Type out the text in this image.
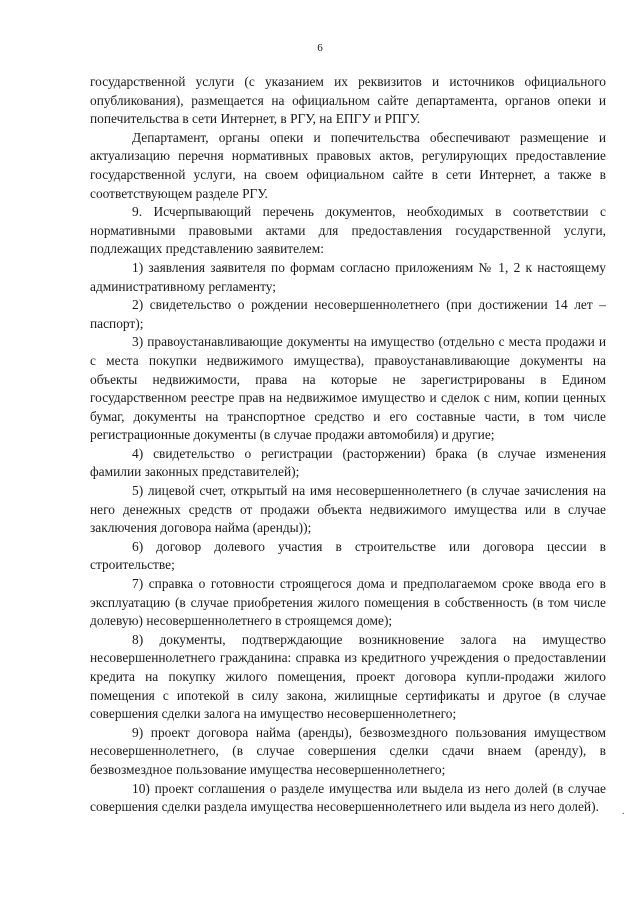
6

государственной услуги (с указанием их реквизитов и источников официального опубликования), размещается на официальном сайте департамента, органов опеки и попечительства в сети Интернет, в РГУ, на ЕПГУ и РПГУ.

Департамент, органы опеки и попечительства обеспечивают размещение и актуализацию перечня нормативных правовых актов, регулирующих предоставление государственной услуги, на своем официальном сайте в сети Интернет, а также в соответствующем разделе РГУ.

9. Исчерпывающий перечень документов, необходимых в соответствии с нормативными правовыми актами для предоставления государственной услуги, подлежащих представлению заявителем:

1) заявления заявителя по формам согласно приложениям № 1, 2 к настоящему административному регламенту;

2) свидетельство о рождении несовершеннолетнего (при достижении 14 лет – паспорт);

3) правоустанавливающие документы на имущество (отдельно с места продажи и с места покупки недвижимого имущества), правоустанавливающие документы на объекты недвижимости, права на которые не зарегистрированы в Едином государственном реестре прав на недвижимое имущество и сделок с ним, копии ценных бумаг, документы на транспортное средство и его составные части, в том числе регистрационные документы (в случае продажи автомобиля) и другие;

4) свидетельство о регистрации (расторжении) брака (в случае изменения фамилии законных представителей);

5) лицевой счет, открытый на имя несовершеннолетнего (в случае зачисления на него денежных средств от продажи объекта недвижимого имущества или в случае заключения договора найма (аренды));

6) договор долевого участия в строительстве или договора цессии в строительстве;

7) справка о готовности строящегося дома и предполагаемом сроке ввода его в эксплуатацию (в случае приобретения жилого помещения в собственность (в том числе долевую) несовершеннолетнего в строящемся доме);

8) документы, подтверждающие возникновение залога на имущество несовершеннолетнего гражданина: справка из кредитного учреждения о предоставлении кредита на покупку жилого помещения, проект договора купли-продажи жилого помещения с ипотекой в силу закона, жилищные сертификаты и другое (в случае совершения сделки залога на имущество несовершеннолетнего;

9) проект договора найма (аренды), безвозмездного пользования имуществом несовершеннолетнего, (в случае совершения сделки сдачи внаем (аренду), в безвозмездное пользование имущества несовершеннолетнего;

10) проект соглашения о разделе имущества или выдела из него долей (в случае совершения сделки раздела имущества несовершеннолетнего или выдела из него долей).	.
